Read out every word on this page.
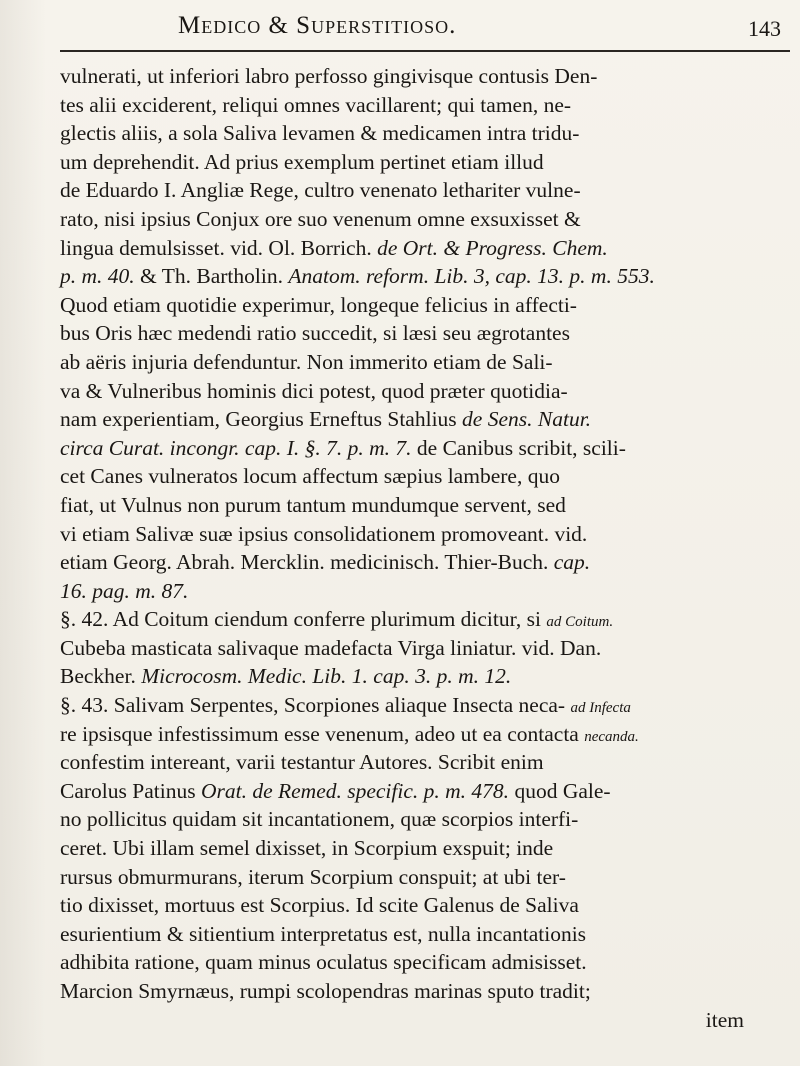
Medico & Superstitioso.	143
vulnerati, ut inferiori labro perfosso gingivisque contusis Den-
tes alii exciderent, reliqui omnes vacillarent; qui tamen, ne-
glectis aliis, a sola Saliva levamen & medicamen intra tridu-
um deprehendit. Ad prius exemplum pertinet etiam illud
de Eduardo I. Angliæ Rege, cultro venenato lethariter vulne-
rato, nisi ipsius Conjux ore suo venenum omne exsuxisset &
lingua demulsisset. vid. Ol. Borrich. de Ort. & Progress. Chem.
p. m. 40. & Th. Bartholin. Anatom. reform. Lib. 3, cap. 13. p. m. 553.
Quod etiam quotidie experimur, longeque felicius in affecti-
bus Oris hæc medendi ratio succedit, si læsi seu ægrotantes
ab aëris injuria defenduntur. Non immerito etiam de Sali-
va & Vulneribus hominis dici potest, quod præter quotidia-
nam experientiam, Georgius Erneftus Stahlius de Sens. Natur.
circa Curat. incongr. cap. I. §. 7. p. m. 7. de Canibus scribit, scili-
cet Canes vulneratos locum affectum sæpius lambere, quo
fiat, ut Vulnus non purum tantum mundumque servent, sed
vi etiam Salivæ suæ ipsius consolidationem promoveant. vid.
etiam Georg. Abrah. Mercklin. medicinisch. Thier-Buch. cap.
16. pag. m. 87.
§. 42. Ad Coitum ciendum conferre plurimum dicitur, si ad Coitum.
Cubeba masticata salivaque madefacta Virga liniatur. vid. Dan.
Beckher. Microcosm. Medic. Lib. 1. cap. 3. p. m. 12.
§. 43. Salivam Serpentes, Scorpiones aliaque Insecta neca- ad Infecta
re ipsisque infestissimum esse venenum, adeo ut ea contacta necanda.
confestim intereant, varii testantur Autores. Scribit enim
Carolus Patinus Orat. de Remed. specific. p. m. 478. quod Gale-
no pollicitus quidam sit incantationem, quæ scorpios interfi-
ceret. Ubi illam semel dixisset, in Scorpium exspuit; inde
rursus obmurmurans, iterum Scorpium conspuit; at ubi ter-
tio dixisset, mortuus est Scorpius. Id scite Galenus de Saliva
esurientium & sitientium interpretatus est, nulla incantationis
adhibita ratione, quam minus oculatus specificam admisisset.
Marcion Smyrnæus, rumpi scolopendras marinas sputo tradit;
item
